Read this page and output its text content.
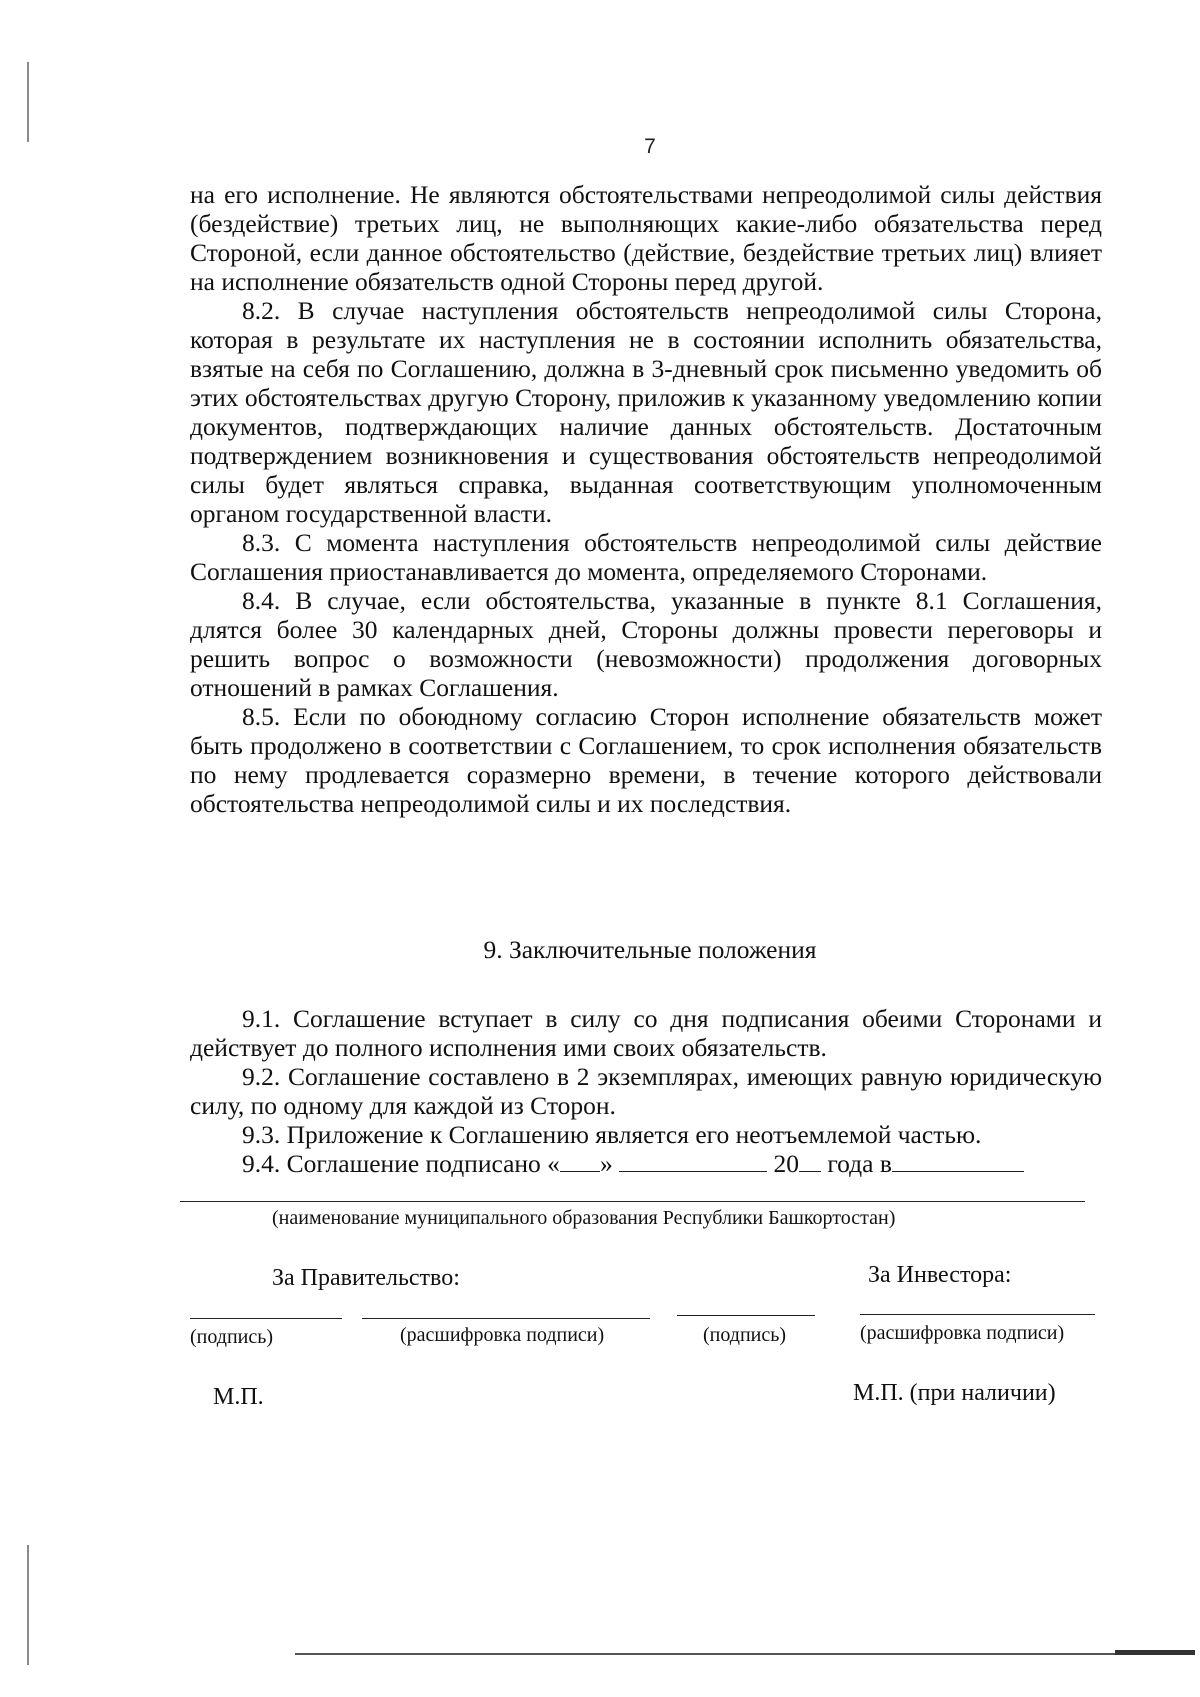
7

на его исполнение. Не являются обстоятельствами непреодолимой силы действия (бездействие) третьих лиц, не выполняющих какие-либо обязательства перед Стороной, если данное обстоятельство (действие, бездействие третьих лиц) влияет на исполнение обязательств одной Стороны перед другой.

8.2. В случае наступления обстоятельств непреодолимой силы Сторона, которая в результате их наступления не в состоянии исполнить обязательства, взятые на себя по Соглашению, должна в 3-дневный срок письменно уведомить об этих обстоятельствах другую Сторону, приложив к указанному уведомлению копии документов, подтверждающих наличие данных обстоятельств. Достаточным подтверждением возникновения и существования обстоятельств непреодолимой силы будет являться справка, выданная соответствующим уполномоченным органом государственной власти.

8.3. С момента наступления обстоятельств непреодолимой силы действие Соглашения приостанавливается до момента, определяемого Сторонами.

8.4. В случае, если обстоятельства, указанные в пункте 8.1 Соглашения, длятся более 30 календарных дней, Стороны должны провести переговоры и решить вопрос о возможности (невозможности) продолжения договорных отношений в рамках Соглашения.

8.5. Если по обоюдному согласию Сторон исполнение обязательств может быть продолжено в соответствии с Соглашением, то срок исполнения обязательств по нему продлевается соразмерно времени, в течение которого действовали обстоятельства непреодолимой силы и их последствия.

9. Заключительные положения

9.1. Соглашение вступает в силу со дня подписания обеими Сторонами и действует до полного исполнения ими своих обязательств.

9.2. Соглашение составлено в 2 экземплярах, имеющих равную юридическую силу, по одному для каждой из Сторон.

9.3. Приложение к Соглашению является его неотъемлемой частью.

9.4. Соглашение подписано « »	20 года в

(наименование муниципального образования Республики Башкортостан)
За Правительство:	За Инвестора:
(подпись)	(расшифровка подписи)	(подпись)	(расшифровка подписи)
М.П.	М.П. (при наличии)
